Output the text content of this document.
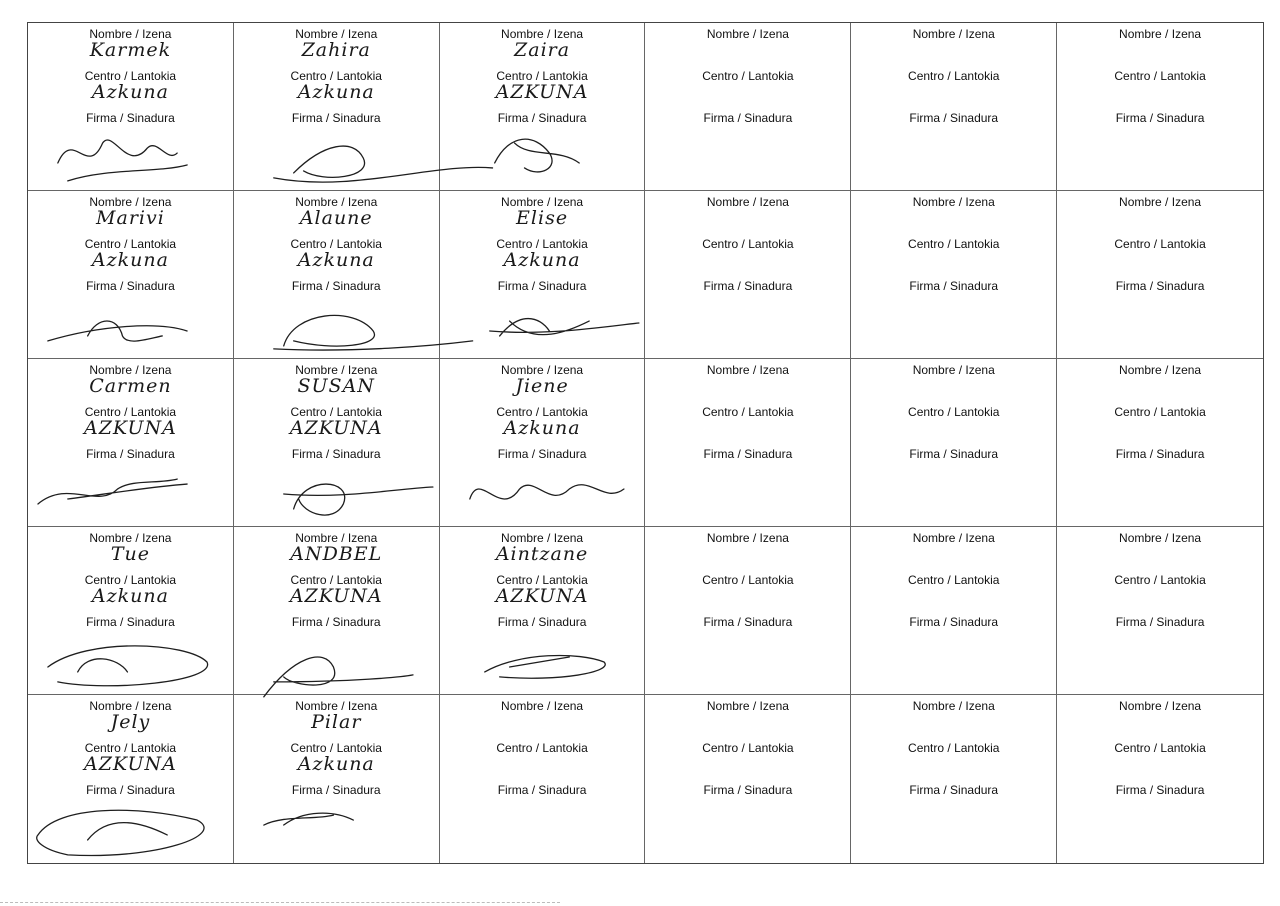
Nombre / Izena
Centro / Lantokia
Firma / Sinadura
Karmek
Azkuna
Nombre / Izena
Centro / Lantokia
Firma / Sinadura
Zahira
Azkuna
Nombre / Izena
Centro / Lantokia
Firma / Sinadura
Zaira
AZKUNA
Nombre / Izena
Centro / Lantokia
Firma / Sinadura
Nombre / Izena
Centro / Lantokia
Firma / Sinadura
Nombre / Izena
Centro / Lantokia
Firma / Sinadura
Nombre / Izena
Centro / Lantokia
Firma / Sinadura
Marivi
Azkuna
Nombre / Izena
Centro / Lantokia
Firma / Sinadura
Alaune
Azkuna
Nombre / Izena
Centro / Lantokia
Firma / Sinadura
Elise
Azkuna
Nombre / Izena
Centro / Lantokia
Firma / Sinadura
Nombre / Izena
Centro / Lantokia
Firma / Sinadura
Nombre / Izena
Centro / Lantokia
Firma / Sinadura
Nombre / Izena
Centro / Lantokia
Firma / Sinadura
Carmen
AZKUNA
Nombre / Izena
Centro / Lantokia
Firma / Sinadura
SUSAN
AZKUNA
Nombre / Izena
Centro / Lantokia
Firma / Sinadura
Jiene
Azkuna
Nombre / Izena
Centro / Lantokia
Firma / Sinadura
Nombre / Izena
Centro / Lantokia
Firma / Sinadura
Nombre / Izena
Centro / Lantokia
Firma / Sinadura
Nombre / Izena
Centro / Lantokia
Firma / Sinadura
Tue
Azkuna
Nombre / Izena
Centro / Lantokia
Firma / Sinadura
ANDBEL
AZKUNA
Nombre / Izena
Centro / Lantokia
Firma / Sinadura
Aintzane
AZKUNA
Nombre / Izena
Centro / Lantokia
Firma / Sinadura
Nombre / Izena
Centro / Lantokia
Firma / Sinadura
Nombre / Izena
Centro / Lantokia
Firma / Sinadura
Nombre / Izena
Centro / Lantokia
Firma / Sinadura
Jely
AZKUNA
Nombre / Izena
Centro / Lantokia
Firma / Sinadura
Pilar
Azkuna
Nombre / Izena
Centro / Lantokia
Firma / Sinadura
Nombre / Izena
Centro / Lantokia
Firma / Sinadura
Nombre / Izena
Centro / Lantokia
Firma / Sinadura
Nombre / Izena
Centro / Lantokia
Firma / Sinadura
